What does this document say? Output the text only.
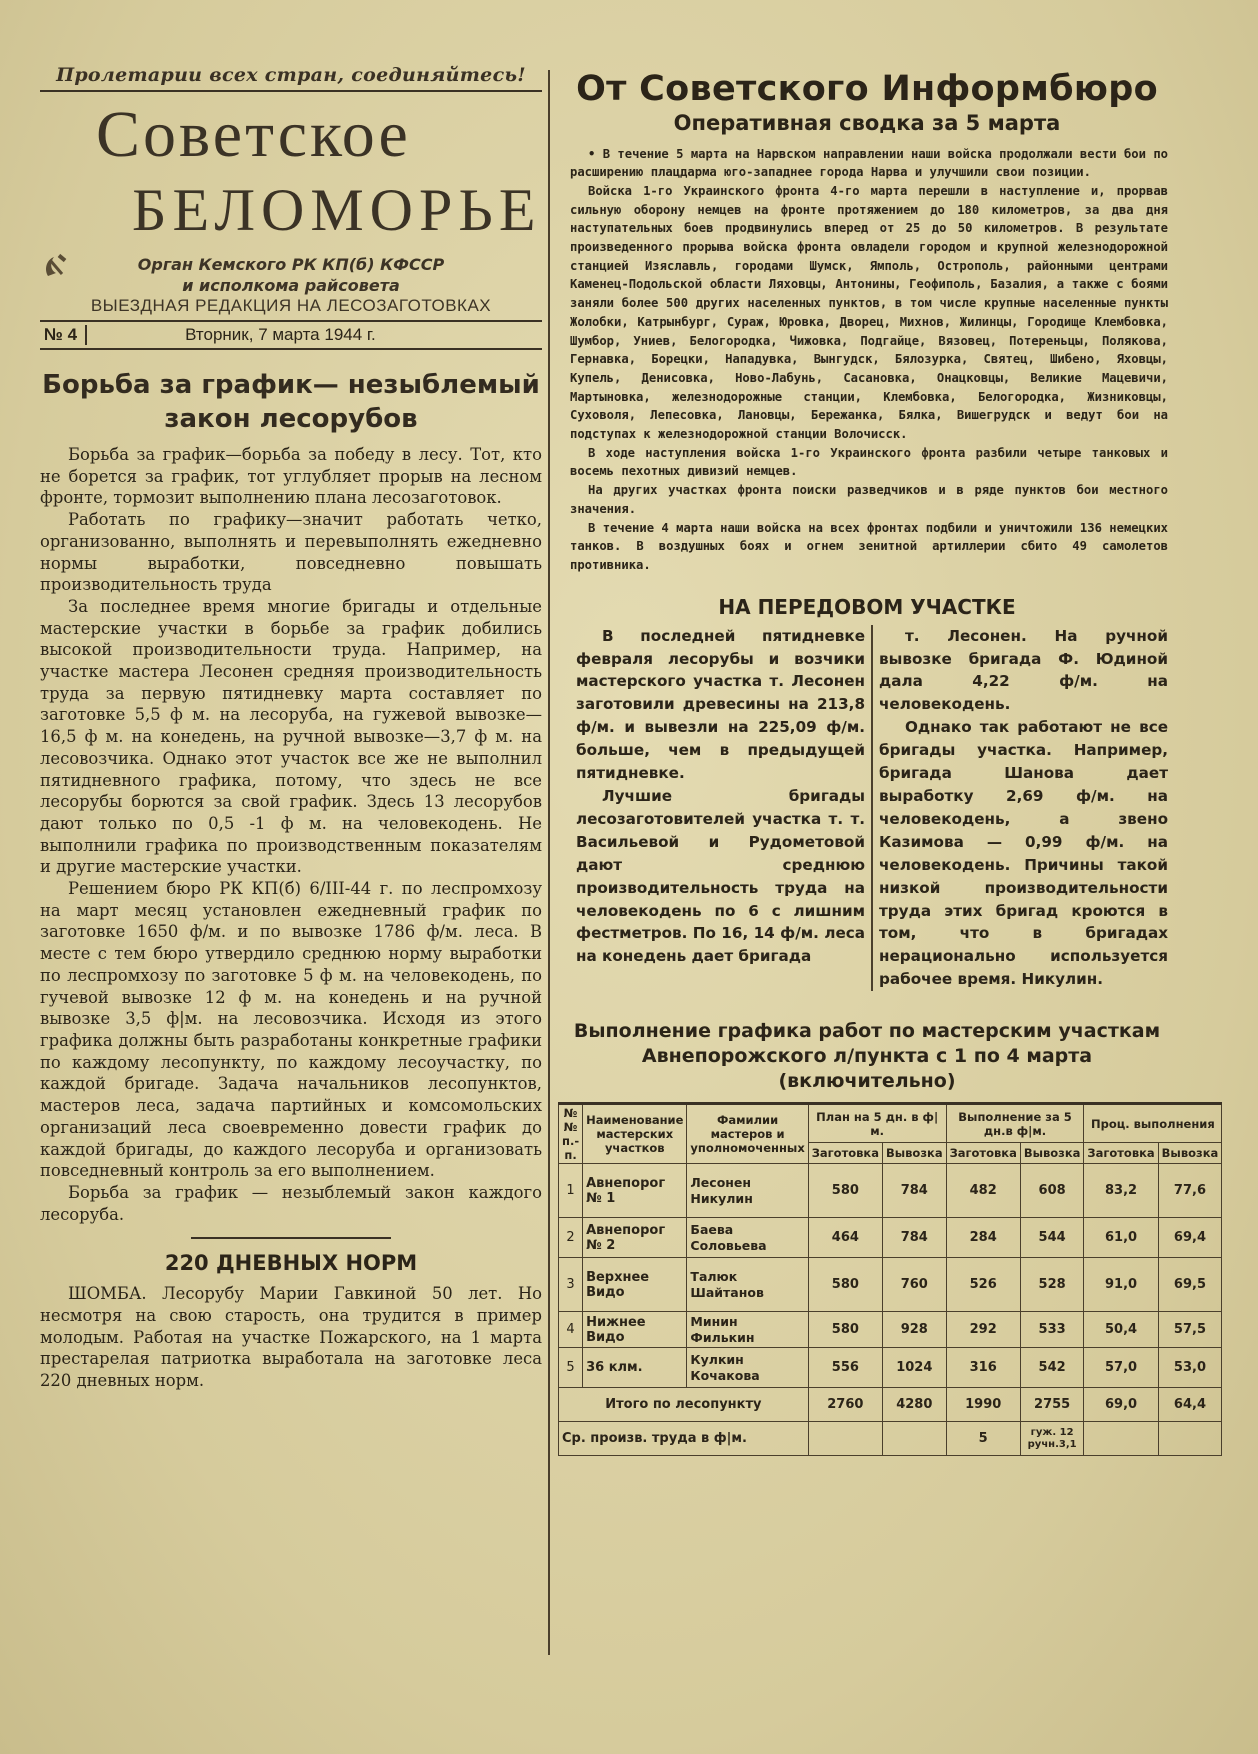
Пролетарии всех стран, соединяйтесь!
Советское
БЕЛОМОРЬЕ
Орган Кемского РК КП(б) КФССР
и исполкома райсовета
ВЫЕЗДНАЯ РЕДАКЦИЯ НА ЛЕСОЗАГОТОВКАХ
№ 4	Вторник, 7 марта 1944 г.
Борьба за график— незыблемый закон лесорубов

Борьба за график—борьба за победу в лесу. Тот, кто не борется за график, тот углубляет прорыв на лесном фронте, тормозит выполнению плана лесозаготовок.

Работать по графику—значит работать четко, организованно, выполнять и перевыполнять ежедневно нормы выработки, повседневно повышать производительность труда

За последнее время многие бригады и отдельные мастерские участки в борьбе за график добились высокой производительности труда. Например, на участке мастера Лесонен средняя производительность труда за первую пятидневку марта составляет по заготовке 5,5 ф м. на лесоруба, на гужевой вывозке—16,5 ф м. на конедень, на ручной вывозке—3,7 ф м. на лесовозчика. Однако этот участок все же не выполнил пятидневного графика, потому, что здесь не все лесорубы борются за свой график. Здесь 13 лесорубов дают только по 0,5 -1 ф м. на человекодень. Не выполнили графика по производственным показателям и другие мастерские участки.

Решением бюро РК КП(б) 6/III-44 г. по леспромхозу на март месяц установлен ежедневный график по заготовке 1650 ф/м. и по вывозке 1786 ф/м. леса. В месте с тем бюро утвердило среднюю норму выработки по леспромхозу по заготовке 5 ф м. на человекодень, по гучевой вывозке 12 ф м. на конедень и на ручной вывозке 3,5 ф|м. на лесовозчика. Исходя из этого графика должны быть разработаны конкретные графики по каждому лесопункту, по каждому лесоучастку, по каждой бригаде. Задача начальников лесопунктов, мастеров леса, задача партийных и комсомольских организаций леса своевременно довести график до каждой бригады, до каждого лесоруба и организовать повседневный контроль за его выполнением.

Борьба за график — незыблемый закон каждого лесоруба.

220 ДНЕВНЫХ НОРМ

ШОМБА. Лесорубу Марии Гавкиной 50 лет. Но несмотря на свою старость, она трудится в пример молодым. Работая на участке Пожарского, на 1 марта престарелая патриотка выработала на заготовке леса 220 дневных норм.

От Советского Информбюро
Оперативная сводка за 5 марта

• В течение 5 марта на Нарвском направлении наши войска продолжали вести бои по расширению плацдарма юго-западнее города Нарва и улучшили свои позиции.

Войска 1-го Украинского фронта 4-го марта перешли в наступление и, прорвав сильную оборону немцев на фронте протяжением до 180 километров, за два дня наступательных боев продвинулись вперед от 25 до 50 километров. В результате произведенного прорыва войска фронта овладели городом и крупной железнодорожной станцией Изяславль, городами Шумск, Ямполь, Острополь, районными центрами Каменец-Подольской области Ляховцы, Антонины, Геофиполь, Базалия, а также с боями заняли более 500 других населенных пунктов, в том числе крупные населенные пункты Жолобки, Катрынбург, Сураж, Юровка, Дворец, Михнов, Жилинцы, Городище Клембовка, Шумбор, Униев, Белогородка, Чижовка, Подгайце, Вязовец, Потереньцы, Полякова, Гернавка, Борецки, Нападувка, Вынгудск, Бялозурка, Святец, Шибено, Яховцы, Купель, Денисовка, Ново-Лабунь, Сасановка, Онацковцы, Великие Мацевичи, Мартыновка, железнодорожные станции, Клембовка, Белогородка, Жизниковцы, Суховоля, Лепесовка, Лановцы, Бережанка, Бялка, Вишегрудск и ведут бои на подступах к железнодорожной станции Волочисск.

В ходе наступления войска 1-го Украинского фронта разбили четыре танковых и восемь пехотных дивизий немцев.

На других участках фронта поиски разведчиков и в ряде пунктов бои местного значения.

В течение 4 марта наши войска на всех фронтах подбили и уничтожили 136 немецких танков. В воздушных боях и огнем зенитной артиллерии сбито 49 самолетов противника.

НА ПЕРЕДОВОМ УЧАСТКЕ

В последней пятидневке февраля лесорубы и возчики мастерского участка т. Лесонен заготовили древесины на 213,8 ф/м. и вывезли на 225,09 ф/м. больше, чем в предыдущей пятидневке.

Лучшие бригады лесозаготовителей участка т. т. Васильевой и Рудометовой дают среднюю производительность труда на человекодень по 6 с лишним фестметров. По 16, 14 ф/м. леса на конедень дает бригада

т. Лесонен. На ручной вывозке бригада Ф. Юдиной дала 4,22 ф/м. на человекодень.

Однако так работают не все бригады участка. Например, бригада Шанова дает выработку 2,69 ф/м. на человекодень, а звено Казимова — 0,99 ф/м. на человекодень. Причины такой низкой производительности труда этих бригад кроются в том, что в бригадах нерационально используется рабочее время. Никулин.

Выполнение графика работ по мастерским участкам Авнепорожского л/пункта с 1 по 4 марта (включительно)
№№ п.-п.	Наименование мастерских участков	Фамилии мастеров и уполномоченных	План на 5 дн. в ф|м.		Выполнение за 5 дн.в ф|м.		Проц. выполнения	
			Заготовка	Вывозка	Заготовка	Вывозка	Заготовка	Вывозка
1	Авнепорог № 1	Лесонен Никулин	580	784	482	608	83,2	77,6
2	Авнепорог № 2	Баева Соловьева	464	784	284	544	61,0	69,4
3	Верхнее Видо	Талюк Шайтанов	580	760	526	528	91,0	69,5
4	Нижнее Видо	Минин Филькин	580	928	292	533	50,4	57,5
5	36 клм.	Кулкин Кочакова	556	1024	316	542	57,0	53,0
Итого по лесопункту			2760	4280	1990	2755	69,0	64,4
Ср. произв. труда в ф|м.					5	гуж. 12 ручн.3,1		
